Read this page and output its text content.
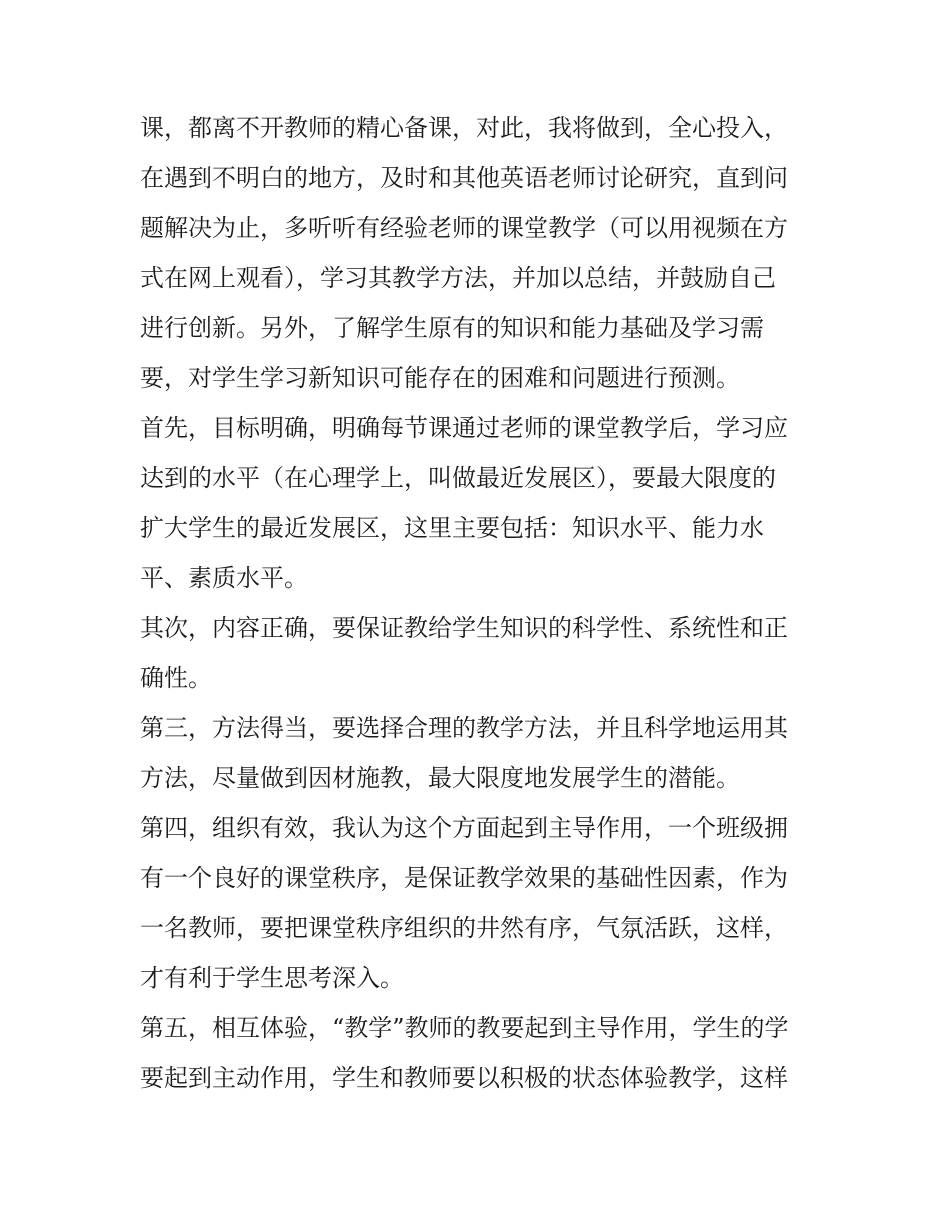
课，都离不开教师的精心备课，对此，我将做到，全心投入，
在遇到不明白的地方，及时和其他英语老师讨论研究，直到问
题解决为止，多听听有经验老师的课堂教学（可以用视频在方
式在网上观看），学习其教学方法，并加以总结，并鼓励自己
进行创新。另外，了解学生原有的知识和能力基础及学习需
要，对学生学习新知识可能存在的困难和问题进行预测。
首先，目标明确，明确每节课通过老师的课堂教学后，学习应
达到的水平（在心理学上，叫做最近发展区），要最大限度的
扩大学生的最近发展区，这里主要包括：知识水平、能力水
平、素质水平。
其次，内容正确，要保证教给学生知识的科学性、系统性和正
确性。
第三，方法得当，要选择合理的教学方法，并且科学地运用其
方法，尽量做到因材施教，最大限度地发展学生的潜能。
第四，组织有效，我认为这个方面起到主导作用，一个班级拥
有一个良好的课堂秩序，是保证教学效果的基础性因素，作为
一名教师，要把课堂秩序组织的井然有序，气氛活跃，这样，
才有利于学生思考深入。
第五，相互体验，“教学”教师的教要起到主导作用，学生的学
要起到主动作用，学生和教师要以积极的状态体验教学，这样
